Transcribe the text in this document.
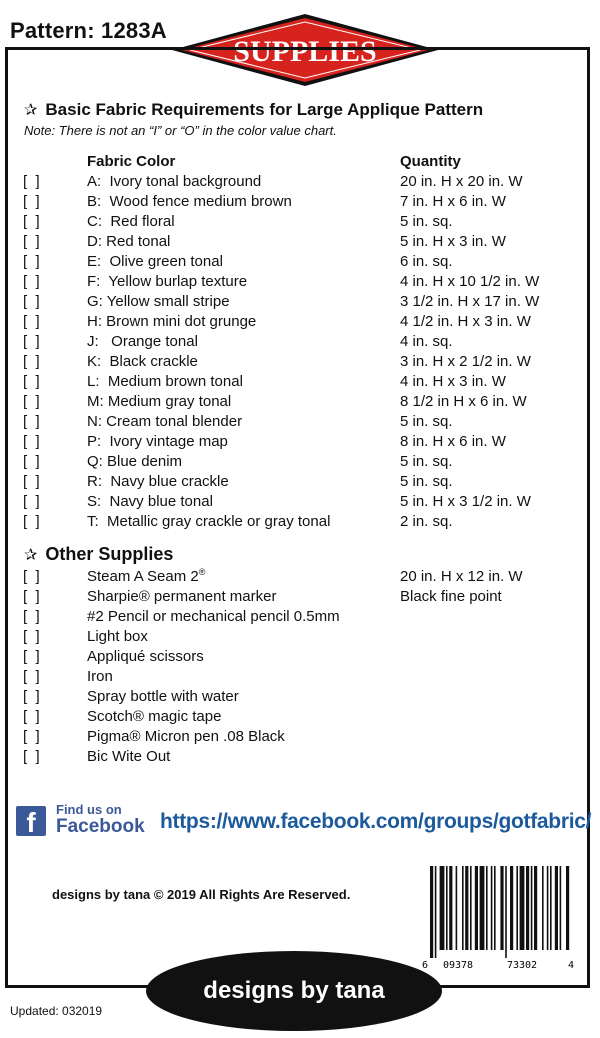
Pattern: 1283A
SUPPLIES
✰ Basic Fabric Requirements for Large Applique Pattern
Note: There is not an “I” or “O” in the color value chart.
Fabric Color	Quantity
[  ]	A:  Ivory tonal background	20 in. H x 20 in. W
[  ]	B:  Wood fence medium brown	7 in. H x 6 in. W
[  ]	C:  Red floral	5 in. sq.
[  ]	D: Red tonal	5 in. H x 3 in. W
[  ]	E:  Olive green tonal	6 in. sq.
[  ]	F:  Yellow burlap texture	4 in. H x 10 1/2 in. W
[  ]	G: Yellow small stripe	3 1/2 in. H x 17 in. W
[  ]	H: Brown mini dot grunge	4 1/2 in. H x 3 in. W
[  ]	J:   Orange tonal	4 in. sq.
[  ]	K:  Black crackle	3 in. H x 2 1/2 in. W
[  ]	L:  Medium brown tonal	4 in. H x 3 in. W
[  ]	M: Medium gray tonal	8 1/2 in H x 6 in. W
[  ]	N: Cream tonal blender	5 in. sq.
[  ]	P:  Ivory vintage map	8 in. H x 6 in. W
[  ]	Q: Blue denim	5 in. sq.
[  ]	R:  Navy blue crackle	5 in. sq.
[  ]	S:  Navy blue tonal	5 in. H x 3 1/2 in. W
[  ]	T:  Metallic gray crackle or gray tonal	2 in. sq.
✰ Other Supplies
[  ]	Steam A Seam 2®	20 in. H x 12 in. W
[  ]	Sharpie® permanent marker	Black fine point
[  ]	#2 Pencil or mechanical pencil 0.5mm
[  ]	Light box
[  ]	Appliqué scissors
[  ]	Iron
[  ]	Spray bottle with water
[  ]	Scotch® magic tape
[  ]	Pigma® Micron pen .08 Black
[  ]	Bic Wite Out
f	Find us on
Facebook https://www.facebook.com/groups/gotfabric/
designs by tana © 2019 All Rights Are Reserved.
6 09378	73302	4
designs by tana
Updated: 032019
